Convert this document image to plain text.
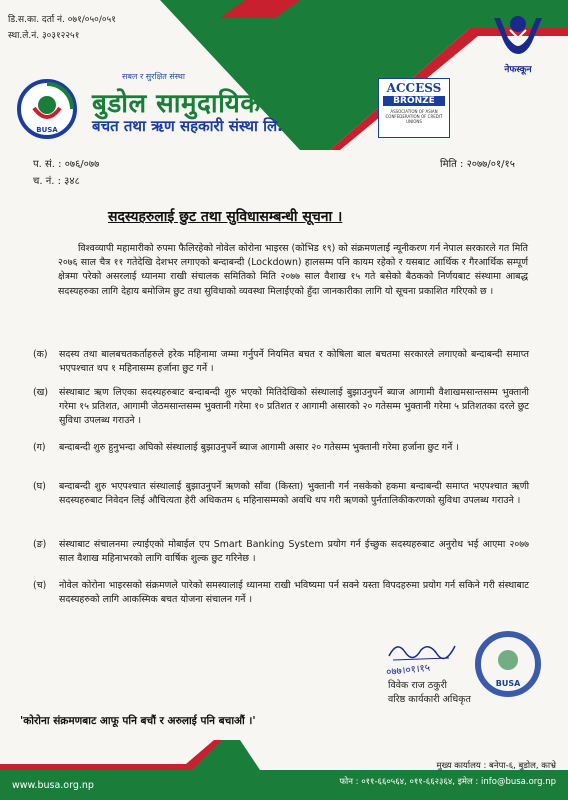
डि.स.का. दर्ता नं. ०७१/०५०/०५१
स्था.ले.नं. ३०३१२२५१
नेफस्कून
BUSA
सबल र सुरक्षित संस्था
बुडोल सामुदायिक
बचत तथा ऋण सहकारी संस्था लि.
ACCESS
BRONZE
ASSOCIATION OF ASIAN CONFEDERATION OF CREDIT UNIONS
प. सं. : ०७६/०७७	मिति : २०७७/०१/१५
च. नं. : ३४८
सदस्यहरुलाई छुट तथा सुविधासम्बन्धी सूचना ।
विश्वव्यापी महामारीको रुपमा फैलिरहेको नोवेल कोरोना भाइरस (कोभिड १९) को संक्रमणलाई न्यूनीकरण गर्न नेपाल सरकारले गत मिति २०७६ साल चैत्र ११ गतेदेखि देशभर लगाएको बन्दाबन्दी (Lockdown) हालसम्म पनि कायम रहेको र यसबाट आर्थिक र गैरआर्थिक सम्पूर्ण क्षेत्रमा परेको असरलाई ध्यानमा राखी संचालक समितिको मिति २०७७ साल वैशाख १५ गते बसेको बैठकको निर्णयबाट संस्थामा आबद्ध सदस्यहरुका लागि देहाय बमोजिम छुट तथा सुविधाको व्यवस्था मिलाईएको हुँदा जानकारीका लागि यो सूचना प्रकाशित गरिएको छ ।
(क)	सदस्य तथा बालबचतकर्ताहरुले हरेक महिनामा जम्मा गर्नुपर्ने नियमित बचत र कोषिला बाल बचतमा सरकारले लगाएको बन्दाबन्दी समाप्त भएपश्चात थप १ महिनासम्म हर्जाना छुट गर्ने ।
(ख)	संस्थाबाट ऋण लिएका सदस्यहरुबाट बन्दाबन्दी शुरु भएको मितिदेखिको संस्थालाई बुझाउनुपर्ने ब्याज आगामी वैशाखमसान्तसम्म भुक्तानी गरेमा १५ प्रतिशत, आगामी जेठमसान्तसम्म भुक्तानी गरेमा १० प्रतिशत र आगामी असारको २० गतेसम्म भुक्तानी गरेमा ५ प्रतिशतका दरले छुट सुविधा उपलब्ध गराउने ।
(ग)	बन्दाबन्दी शुरु हुनुभन्दा अघिको संस्थालाई बुझाउनुपर्ने ब्याज आगामी असार २० गतेसम्म भुक्तानी गरेमा हर्जाना छुट गर्ने ।
(घ)	बन्दाबन्दी शुरु भएपश्चात संस्थालाई बुझाउनुपर्ने ऋणको साँवा (किस्ता) भुक्तानी गर्न नसकेको हकमा बन्दाबन्दी समाप्त भएपश्चात ऋणी सदस्यहरुबाट निवेदन लिई औचित्यता हेरी अधिकतम ६ महिनासम्मको अवधि थप गरी ऋणको पुर्नतालिकीकरणको सुविधा उपलब्ध गराउने ।
(ङ)	संस्थाबाट संचालनमा ल्याईएको मोबाईल एप Smart Banking System प्रयोग गर्न ईच्छुक सदस्यहरुबाट अनुरोध भई आएमा २०७७ साल वैशाख महिनाभरको लागि वार्षिक शुल्क छुट गरिनेछ ।
(च)	नोवेल कोरोना भाइरसको संक्रमणले पारेको समस्यालाई ध्यानमा राखी भविष्यमा पर्न सक्ने यस्ता विपदहरुमा प्रयोग गर्न सकिने गरी संस्थाबाट सदस्यहरुको लागि आकस्मिक बचत योजना संचालन गर्ने ।
०७७।०१।१५
विवेक राज ठकुरी
वरिष्ठ कार्यकारी अधिकृत
BUSA
'कोरोना संक्रमणबाट आफू पनि बचौं र अरुलाई पनि बचाऔं ।'
www.busa.org.np
मुख्य कार्यालय : बनेपा-६, बुडोल, काभ्रे
फोन : ०११-६६०५६४, ०११-६६२३६४, इमेल : info@busa.org.np
